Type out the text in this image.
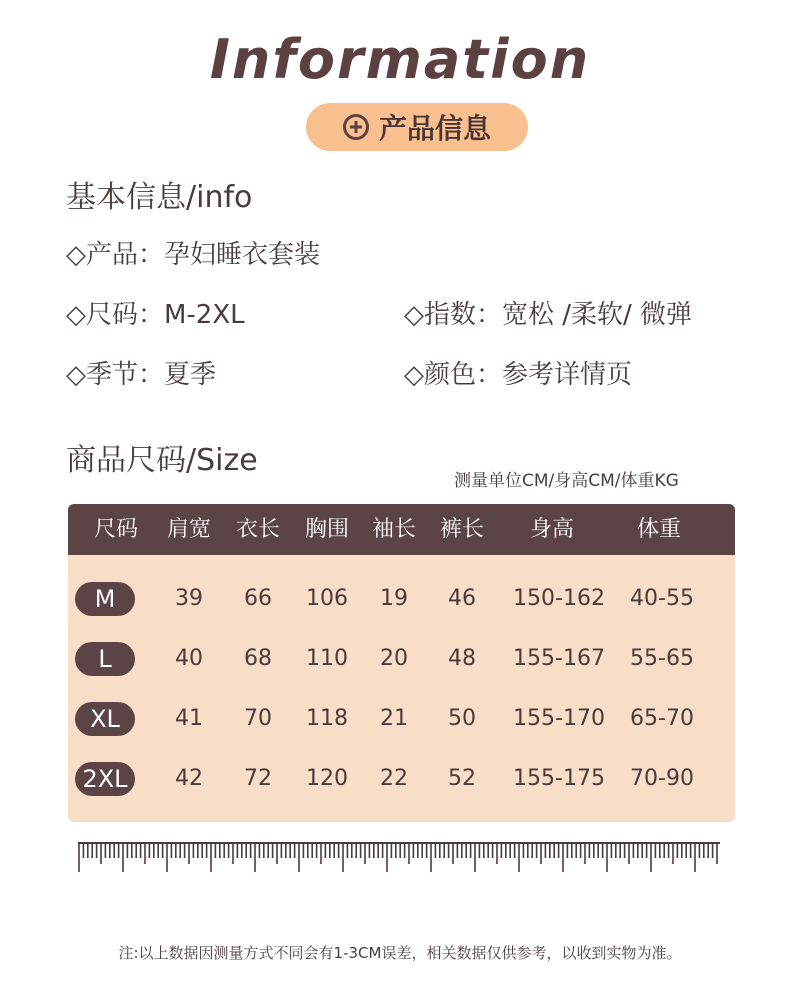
Information
产品信息
基本信息/info
◇产品：孕妇睡衣套装
◇尺码：M-2XL	◇指数：宽松 /柔软/ 微弹
◇季节：夏季	◇颜色：参考详情页
商品尺码/Size
测量单位CM/身高CM/体重KG
尺码 肩宽 衣长 胸围 袖长 裤长 身高	体重
M	39 66 106 19 46 150-162 40-55
L	40 68 110 20 48 155-167 55-65
XL	41 70 118 21 50 155-170 65-70
2XL	42 72 120 22 52 155-175 70-90
注:以上数据因测量方式不同会有1-3CM误差，相关数据仅供参考，以收到实物为准。
